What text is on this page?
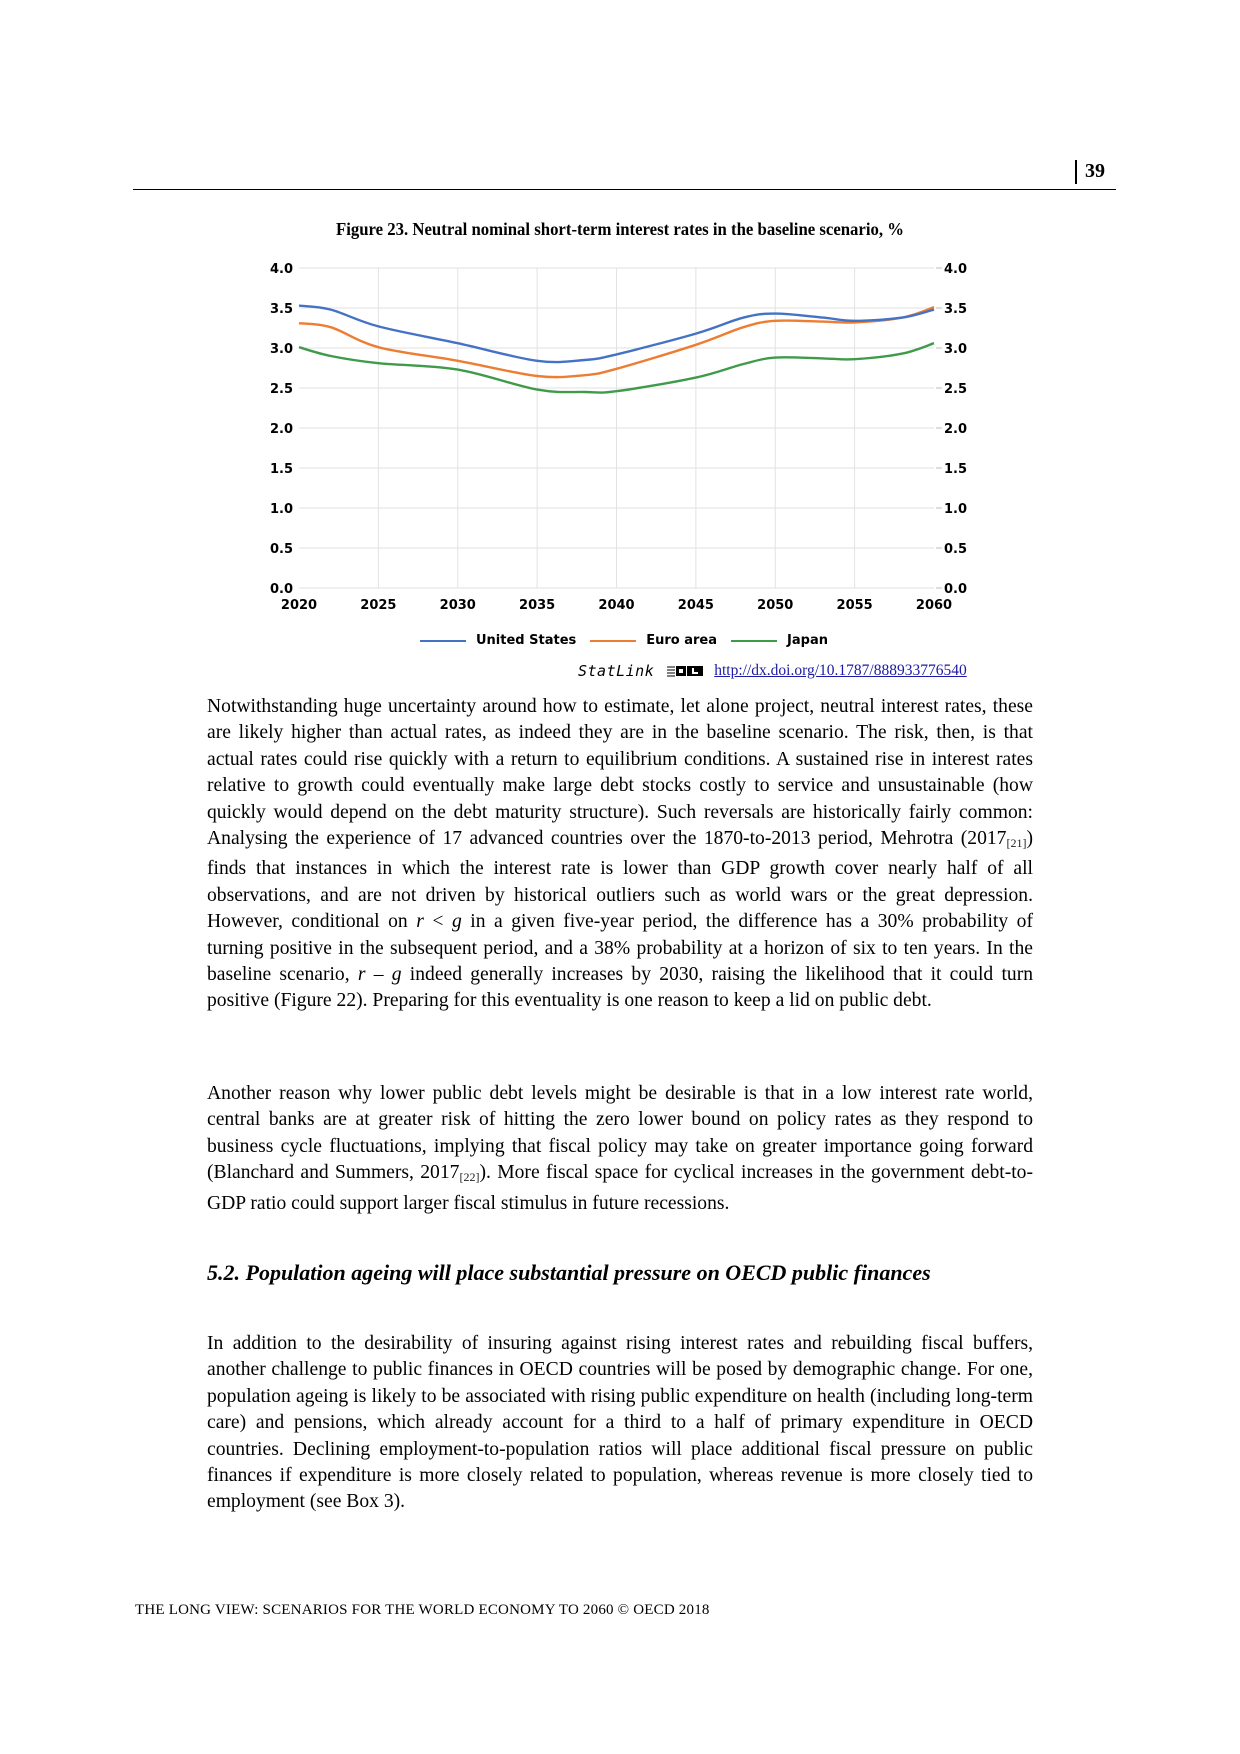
39
Figure 23. Neutral nominal short-term interest rates in the baseline scenario, %
0.0
0.5
1.0
1.5
2.0
2.5
3.0
3.5
4.0
0.0
0.5
1.0
1.5
2.0
2.5
3.0
3.5
4.0
2020	2025	2030	2035	2040	2045	2050	2055	2060
United States	Euro area	Japan
StatLink	http://dx.doi.org/10.1787/888933776540
Notwithstanding huge uncertainty around how to estimate, let alone project, neutral interest rates, these are likely higher than actual rates, as indeed they are in the baseline scenario. The risk, then, is that actual rates could rise quickly with a return to equilibrium conditions. A sustained rise in interest rates relative to growth could eventually make large debt stocks costly to service and unsustainable (how quickly would depend on the debt maturity structure). Such reversals are historically fairly common: Analysing the experience of 17 advanced countries over the 1870-to-2013 period, Mehrotra $(2017_{[21]})$ finds that instances in which the interest rate is lower than GDP growth cover nearly half of all observations, and are not driven by historical outliers such as world wars or the great depression. However, conditional on r < g in a given five-year period, the difference has a 30% probability of turning positive in the subsequent period, and a 38% probability at a horizon of six to ten years. In the baseline scenario, r – g indeed generally increases by 2030, raising the likelihood that it could turn positive (Figure 22). Preparing for this eventuality is one reason to keep a lid on public debt.
Another reason why lower public debt levels might be desirable is that in a low interest rate world, central banks are at greater risk of hitting the zero lower bound on policy rates as they respond to business cycle fluctuations, implying that fiscal policy may take on greater importance going forward (Blanchard and Summers, $2017_{[22]}$). More fiscal space for cyclical increases in the government debt-to-GDP ratio could support larger fiscal stimulus in future recessions.
5.2. Population ageing will place substantial pressure on OECD public finances
In addition to the desirability of insuring against rising interest rates and rebuilding fiscal buffers, another challenge to public finances in OECD countries will be posed by demographic change. For one, population ageing is likely to be associated with rising public expenditure on health (including long-term care) and pensions, which already account for a third to a half of primary expenditure in OECD countries. Declining employment-to-population ratios will place additional fiscal pressure on public finances if expenditure is more closely related to population, whereas revenue is more closely tied to employment (see Box 3).
THE LONG VIEW: SCENARIOS FOR THE WORLD ECONOMY TO 2060 © OECD 2018
